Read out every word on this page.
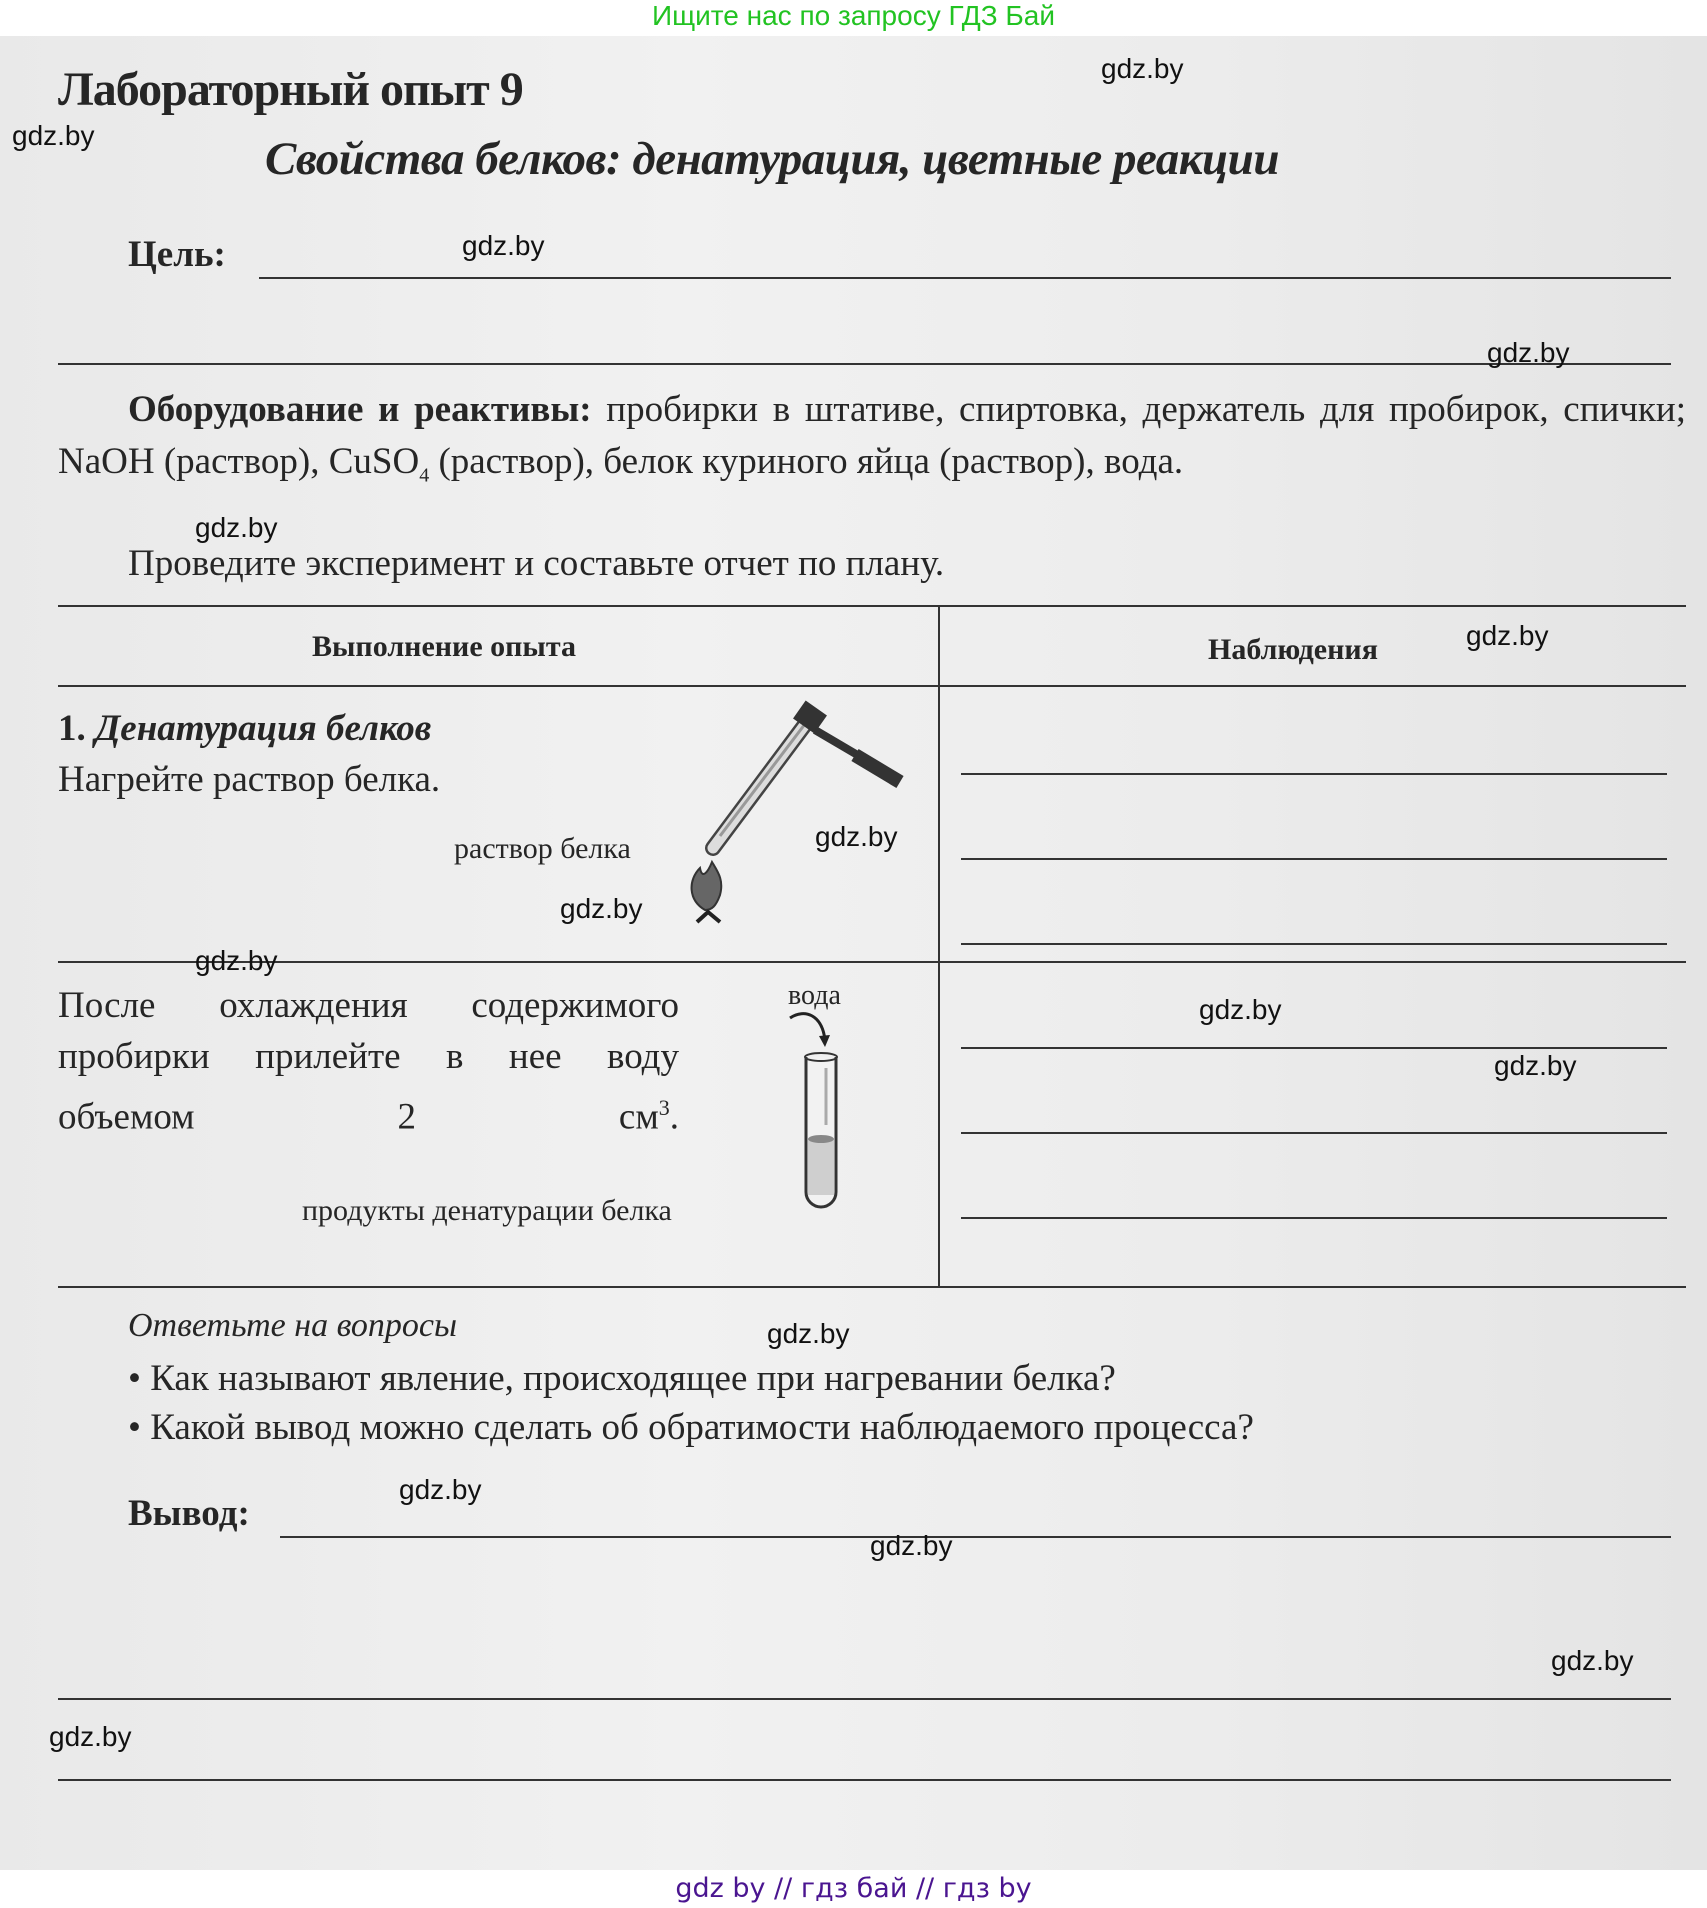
Ищите нас по запросу ГДЗ Бай
Лабораторный опыт 9
Свойства белков: денатурация, цветные реакции
Цель:
Оборудование и реактивы: пробирки в штативе, спиртовка, держатель для пробирок, спички; NaOH (раствор), CuSO$_4$ (раствор), белок куриного яйца (раствор), вода.
Проведите эксперимент и составьте отчет по плану.
Выполнение опыта	Наблюдения
1. Денатурация белков
Нагрейте раствор белка.
раствор белка
После охлаждения содержимого пробирки прилейте в нее воду объемом 2 $см^3$.
вода
продукты денатурации белка
Ответьте на вопросы
• Как называют явление, происходящее при нагревании белка?
• Какой вывод можно сделать об обратимости наблюдаемого процесса?
Вывод:
gdz.by
gdz.by
gdz.by
gdz.by
gdz.by
gdz.by
gdz.by
gdz.by
gdz.by
gdz.by
gdz.by
gdz.by
gdz.by
gdz.by
gdz.by
gdz.by
gdz by // гдз бай // гдз by
